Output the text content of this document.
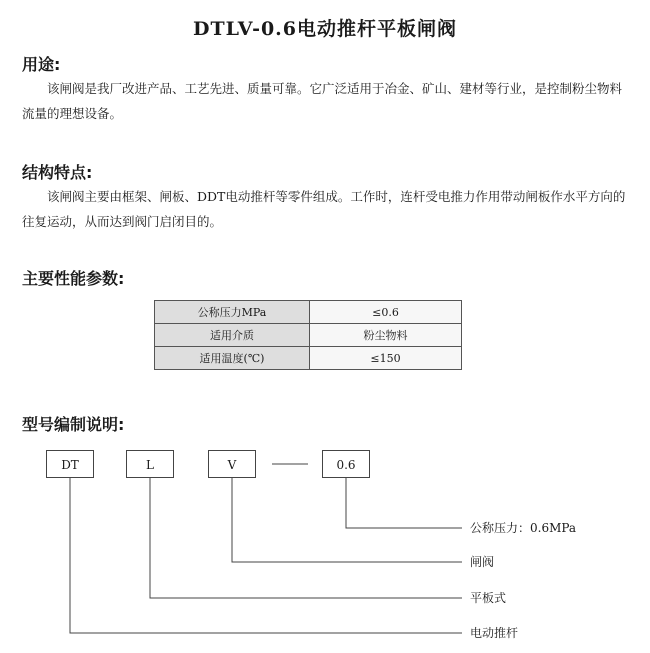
DTLV-0.6电动推杆平板闸阀
用途:
该闸阀是我厂改进产品、工艺先进、质量可靠。它广泛适用于冶金、矿山、建材等行业，是控制粉尘物料流量的理想设备。
结构特点:
该闸阀主要由框架、闸板、DDT电动推杆等零件组成。工作时，连杆受电推力作用带动闸板作水平方向的往复运动，从而达到阀门启闭目的。
主要性能参数:
公称压力MPa	≤0.6
适用介质	粉尘物料
适用温度(℃)	≤150
型号编制说明:
DT	L	V	0.6
公称压力：0.6MPa
闸阀
平板式
电动推杆
